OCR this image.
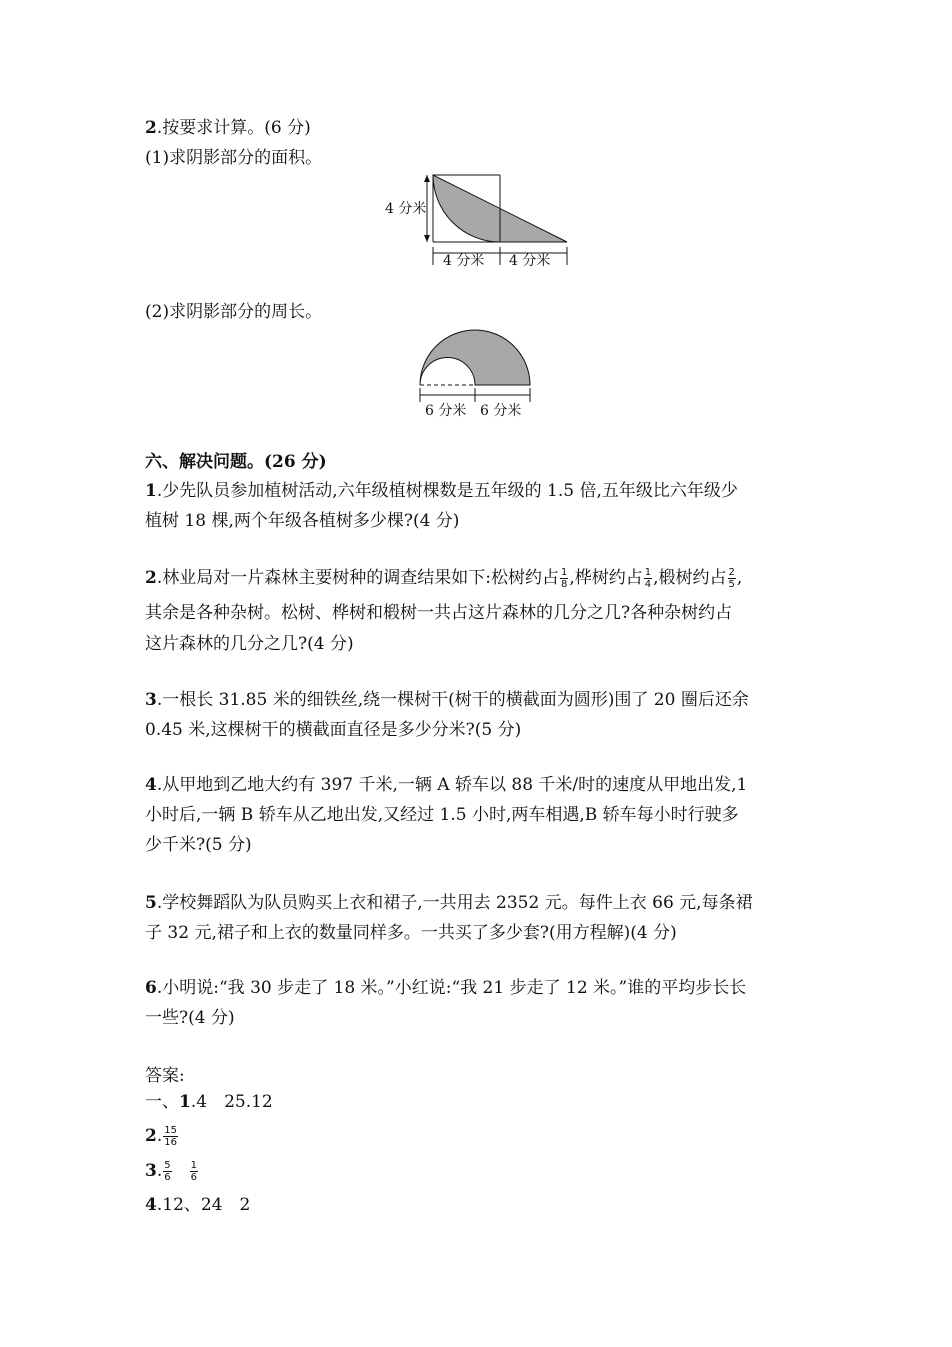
2.按要求计算。(6 分)
(1)求阴影部分的面积。
4 分米
4 分米 4 分米
(2)求阴影部分的周长。
6 分米 6 分米
六、解决问题。(26 分)
1.少先队员参加植树活动,六年级植树棵数是五年级的 1.5 倍,五年级比六年级少
植树 18 棵,两个年级各植树多少棵?(4 分)
2.林业局对一片森林主要树种的调查结果如下:松树约占 $\frac{1}{8}$ ,桦树约占 $\frac{1}{4}$ ,椴树约占 $\frac{2}{5}$ ,
其余是各种杂树。松树、桦树和椴树一共占这片森林的几分之几?各种杂树约占
这片森林的几分之几?(4 分)
3.一根长 31.85 米的细铁丝,绕一棵树干(树干的横截面为圆形)围了 20 圈后还余
0.45 米,这棵树干的横截面直径是多少分米?(5 分)
4.从甲地到乙地大约有 397 千米,一辆 A 轿车以 88 千米/时的速度从甲地出发,1
小时后,一辆 B 轿车从乙地出发,又经过 1.5 小时,两车相遇,B 轿车每小时行驶多
少千米?(5 分)
5.学校舞蹈队为队员购买上衣和裙子,一共用去 2352 元。每件上衣 66 元,每条裙
子 32 元,裙子和上衣的数量同样多。一共买了多少套?(用方程解)(4 分)
6.小明说:“我 30 步走了 18 米。”小红说:“我 21 步走了 12 米。”谁的平均步长长
一些?(4 分)
答案:
一、1.4　25.12
2. $\frac{15}{16}$
3. $\frac{5}{6} \frac{1}{6}$
4.12、24　2
